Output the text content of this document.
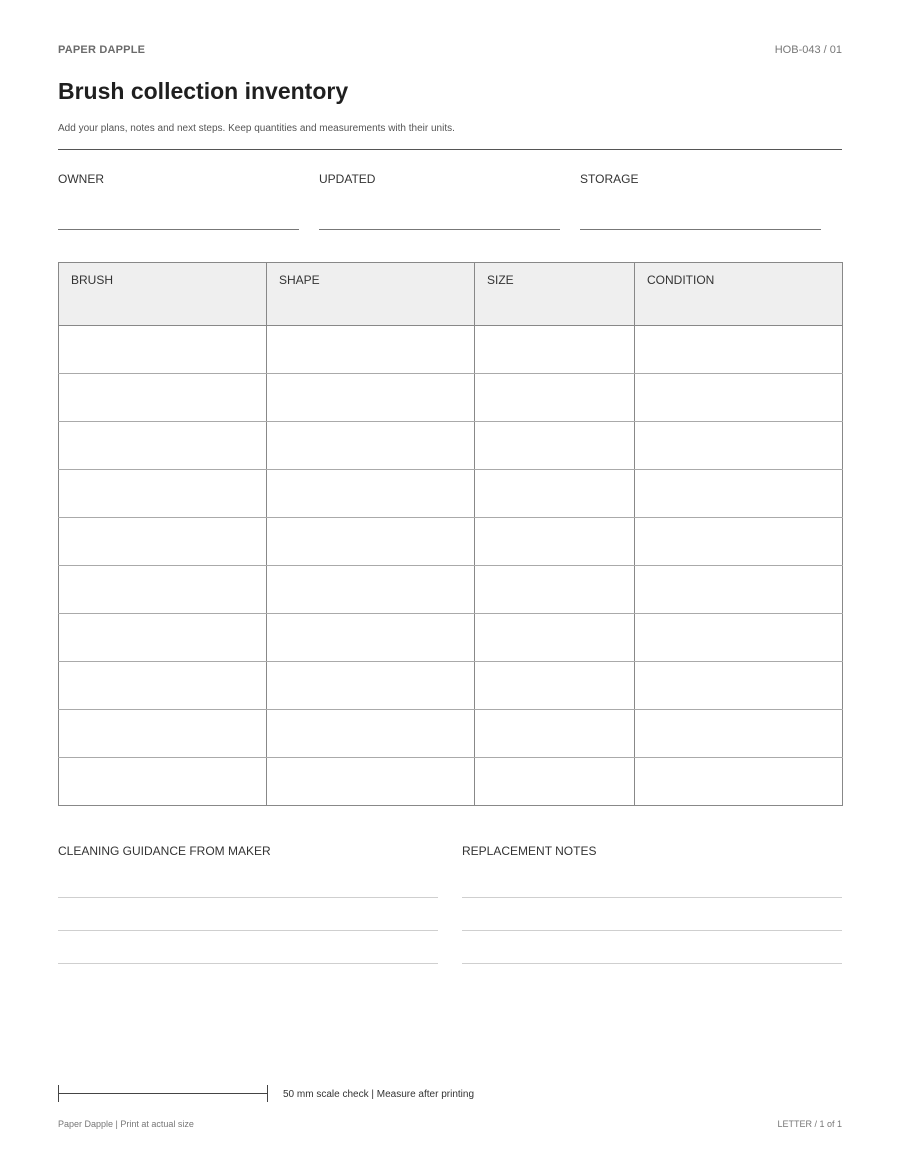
PAPER DAPPLE	HOB-043 / 01
Brush collection inventory

Add your plans, notes and next steps. Keep quantities and measurements with their units.

OWNER	UPDATED	STORAGE
BRUSH	SHAPE	SIZE	CONDITION

CLEANING GUIDANCE FROM MAKER	REPLACEMENT NOTES
50 mm scale check | Measure after printing
Paper Dapple | Print at actual size	LETTER / 1 of 1
